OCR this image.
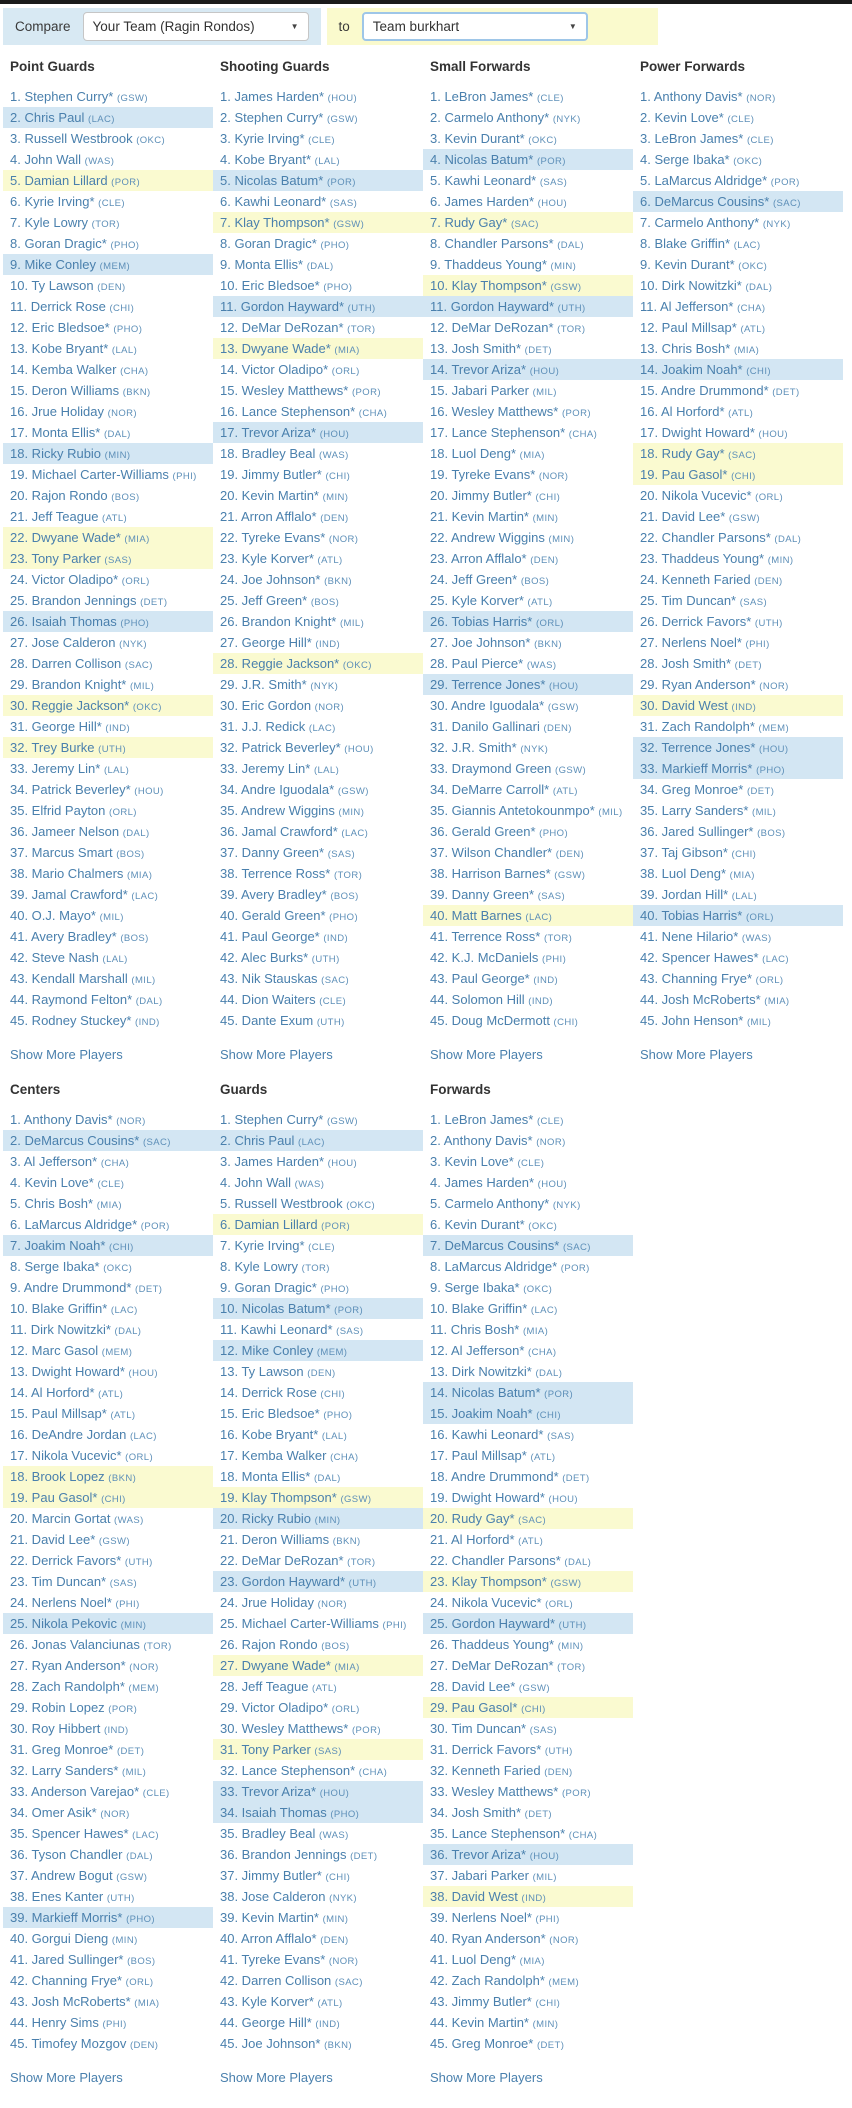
Compare Your Team (Ragin Rondos)	▼	to Team burkhart	▼
Point Guards
1. Stephen Curry* (GSW)
2. Chris Paul (LAC)
3. Russell Westbrook (OKC)
4. John Wall (WAS)
5. Damian Lillard (POR)
6. Kyrie Irving* (CLE)
7. Kyle Lowry (TOR)
8. Goran Dragic* (PHO)
9. Mike Conley (MEM)
10. Ty Lawson (DEN)
11. Derrick Rose (CHI)
12. Eric Bledsoe* (PHO)
13. Kobe Bryant* (LAL)
14. Kemba Walker (CHA)
15. Deron Williams (BKN)
16. Jrue Holiday (NOR)
17. Monta Ellis* (DAL)
18. Ricky Rubio (MIN)
19. Michael Carter-Williams (PHI)
20. Rajon Rondo (BOS)
21. Jeff Teague (ATL)
22. Dwyane Wade* (MIA)
23. Tony Parker (SAS)
24. Victor Oladipo* (ORL)
25. Brandon Jennings (DET)
26. Isaiah Thomas (PHO)
27. Jose Calderon (NYK)
28. Darren Collison (SAC)
29. Brandon Knight* (MIL)
30. Reggie Jackson* (OKC)
31. George Hill* (IND)
32. Trey Burke (UTH)
33. Jeremy Lin* (LAL)
34. Patrick Beverley* (HOU)
35. Elfrid Payton (ORL)
36. Jameer Nelson (DAL)
37. Marcus Smart (BOS)
38. Mario Chalmers (MIA)
39. Jamal Crawford* (LAC)
40. O.J. Mayo* (MIL)
41. Avery Bradley* (BOS)
42. Steve Nash (LAL)
43. Kendall Marshall (MIL)
44. Raymond Felton* (DAL)
45. Rodney Stuckey* (IND)
Show More Players
Shooting Guards
1. James Harden* (HOU)
2. Stephen Curry* (GSW)
3. Kyrie Irving* (CLE)
4. Kobe Bryant* (LAL)
5. Nicolas Batum* (POR)
6. Kawhi Leonard* (SAS)
7. Klay Thompson* (GSW)
8. Goran Dragic* (PHO)
9. Monta Ellis* (DAL)
10. Eric Bledsoe* (PHO)
11. Gordon Hayward* (UTH)
12. DeMar DeRozan* (TOR)
13. Dwyane Wade* (MIA)
14. Victor Oladipo* (ORL)
15. Wesley Matthews* (POR)
16. Lance Stephenson* (CHA)
17. Trevor Ariza* (HOU)
18. Bradley Beal (WAS)
19. Jimmy Butler* (CHI)
20. Kevin Martin* (MIN)
21. Arron Afflalo* (DEN)
22. Tyreke Evans* (NOR)
23. Kyle Korver* (ATL)
24. Joe Johnson* (BKN)
25. Jeff Green* (BOS)
26. Brandon Knight* (MIL)
27. George Hill* (IND)
28. Reggie Jackson* (OKC)
29. J.R. Smith* (NYK)
30. Eric Gordon (NOR)
31. J.J. Redick (LAC)
32. Patrick Beverley* (HOU)
33. Jeremy Lin* (LAL)
34. Andre Iguodala* (GSW)
35. Andrew Wiggins (MIN)
36. Jamal Crawford* (LAC)
37. Danny Green* (SAS)
38. Terrence Ross* (TOR)
39. Avery Bradley* (BOS)
40. Gerald Green* (PHO)
41. Paul George* (IND)
42. Alec Burks* (UTH)
43. Nik Stauskas (SAC)
44. Dion Waiters (CLE)
45. Dante Exum (UTH)
Show More Players
Small Forwards
1. LeBron James* (CLE)
2. Carmelo Anthony* (NYK)
3. Kevin Durant* (OKC)
4. Nicolas Batum* (POR)
5. Kawhi Leonard* (SAS)
6. James Harden* (HOU)
7. Rudy Gay* (SAC)
8. Chandler Parsons* (DAL)
9. Thaddeus Young* (MIN)
10. Klay Thompson* (GSW)
11. Gordon Hayward* (UTH)
12. DeMar DeRozan* (TOR)
13. Josh Smith* (DET)
14. Trevor Ariza* (HOU)
15. Jabari Parker (MIL)
16. Wesley Matthews* (POR)
17. Lance Stephenson* (CHA)
18. Luol Deng* (MIA)
19. Tyreke Evans* (NOR)
20. Jimmy Butler* (CHI)
21. Kevin Martin* (MIN)
22. Andrew Wiggins (MIN)
23. Arron Afflalo* (DEN)
24. Jeff Green* (BOS)
25. Kyle Korver* (ATL)
26. Tobias Harris* (ORL)
27. Joe Johnson* (BKN)
28. Paul Pierce* (WAS)
29. Terrence Jones* (HOU)
30. Andre Iguodala* (GSW)
31. Danilo Gallinari (DEN)
32. J.R. Smith* (NYK)
33. Draymond Green (GSW)
34. DeMarre Carroll* (ATL)
35. Giannis Antetokounmpo* (MIL)
36. Gerald Green* (PHO)
37. Wilson Chandler* (DEN)
38. Harrison Barnes* (GSW)
39. Danny Green* (SAS)
40. Matt Barnes (LAC)
41. Terrence Ross* (TOR)
42. K.J. McDaniels (PHI)
43. Paul George* (IND)
44. Solomon Hill (IND)
45. Doug McDermott (CHI)
Show More Players
Power Forwards
1. Anthony Davis* (NOR)
2. Kevin Love* (CLE)
3. LeBron James* (CLE)
4. Serge Ibaka* (OKC)
5. LaMarcus Aldridge* (POR)
6. DeMarcus Cousins* (SAC)
7. Carmelo Anthony* (NYK)
8. Blake Griffin* (LAC)
9. Kevin Durant* (OKC)
10. Dirk Nowitzki* (DAL)
11. Al Jefferson* (CHA)
12. Paul Millsap* (ATL)
13. Chris Bosh* (MIA)
14. Joakim Noah* (CHI)
15. Andre Drummond* (DET)
16. Al Horford* (ATL)
17. Dwight Howard* (HOU)
18. Rudy Gay* (SAC)
19. Pau Gasol* (CHI)
20. Nikola Vucevic* (ORL)
21. David Lee* (GSW)
22. Chandler Parsons* (DAL)
23. Thaddeus Young* (MIN)
24. Kenneth Faried (DEN)
25. Tim Duncan* (SAS)
26. Derrick Favors* (UTH)
27. Nerlens Noel* (PHI)
28. Josh Smith* (DET)
29. Ryan Anderson* (NOR)
30. David West (IND)
31. Zach Randolph* (MEM)
32. Terrence Jones* (HOU)
33. Markieff Morris* (PHO)
34. Greg Monroe* (DET)
35. Larry Sanders* (MIL)
36. Jared Sullinger* (BOS)
37. Taj Gibson* (CHI)
38. Luol Deng* (MIA)
39. Jordan Hill* (LAL)
40. Tobias Harris* (ORL)
41. Nene Hilario* (WAS)
42. Spencer Hawes* (LAC)
43. Channing Frye* (ORL)
44. Josh McRoberts* (MIA)
45. John Henson* (MIL)
Show More Players
Centers
1. Anthony Davis* (NOR)
2. DeMarcus Cousins* (SAC)
3. Al Jefferson* (CHA)
4. Kevin Love* (CLE)
5. Chris Bosh* (MIA)
6. LaMarcus Aldridge* (POR)
7. Joakim Noah* (CHI)
8. Serge Ibaka* (OKC)
9. Andre Drummond* (DET)
10. Blake Griffin* (LAC)
11. Dirk Nowitzki* (DAL)
12. Marc Gasol (MEM)
13. Dwight Howard* (HOU)
14. Al Horford* (ATL)
15. Paul Millsap* (ATL)
16. DeAndre Jordan (LAC)
17. Nikola Vucevic* (ORL)
18. Brook Lopez (BKN)
19. Pau Gasol* (CHI)
20. Marcin Gortat (WAS)
21. David Lee* (GSW)
22. Derrick Favors* (UTH)
23. Tim Duncan* (SAS)
24. Nerlens Noel* (PHI)
25. Nikola Pekovic (MIN)
26. Jonas Valanciunas (TOR)
27. Ryan Anderson* (NOR)
28. Zach Randolph* (MEM)
29. Robin Lopez (POR)
30. Roy Hibbert (IND)
31. Greg Monroe* (DET)
32. Larry Sanders* (MIL)
33. Anderson Varejao* (CLE)
34. Omer Asik* (NOR)
35. Spencer Hawes* (LAC)
36. Tyson Chandler (DAL)
37. Andrew Bogut (GSW)
38. Enes Kanter (UTH)
39. Markieff Morris* (PHO)
40. Gorgui Dieng (MIN)
41. Jared Sullinger* (BOS)
42. Channing Frye* (ORL)
43. Josh McRoberts* (MIA)
44. Henry Sims (PHI)
45. Timofey Mozgov (DEN)
Show More Players
Guards
1. Stephen Curry* (GSW)
2. Chris Paul (LAC)
3. James Harden* (HOU)
4. John Wall (WAS)
5. Russell Westbrook (OKC)
6. Damian Lillard (POR)
7. Kyrie Irving* (CLE)
8. Kyle Lowry (TOR)
9. Goran Dragic* (PHO)
10. Nicolas Batum* (POR)
11. Kawhi Leonard* (SAS)
12. Mike Conley (MEM)
13. Ty Lawson (DEN)
14. Derrick Rose (CHI)
15. Eric Bledsoe* (PHO)
16. Kobe Bryant* (LAL)
17. Kemba Walker (CHA)
18. Monta Ellis* (DAL)
19. Klay Thompson* (GSW)
20. Ricky Rubio (MIN)
21. Deron Williams (BKN)
22. DeMar DeRozan* (TOR)
23. Gordon Hayward* (UTH)
24. Jrue Holiday (NOR)
25. Michael Carter-Williams (PHI)
26. Rajon Rondo (BOS)
27. Dwyane Wade* (MIA)
28. Jeff Teague (ATL)
29. Victor Oladipo* (ORL)
30. Wesley Matthews* (POR)
31. Tony Parker (SAS)
32. Lance Stephenson* (CHA)
33. Trevor Ariza* (HOU)
34. Isaiah Thomas (PHO)
35. Bradley Beal (WAS)
36. Brandon Jennings (DET)
37. Jimmy Butler* (CHI)
38. Jose Calderon (NYK)
39. Kevin Martin* (MIN)
40. Arron Afflalo* (DEN)
41. Tyreke Evans* (NOR)
42. Darren Collison (SAC)
43. Kyle Korver* (ATL)
44. George Hill* (IND)
45. Joe Johnson* (BKN)
Show More Players
Forwards
1. LeBron James* (CLE)
2. Anthony Davis* (NOR)
3. Kevin Love* (CLE)
4. James Harden* (HOU)
5. Carmelo Anthony* (NYK)
6. Kevin Durant* (OKC)
7. DeMarcus Cousins* (SAC)
8. LaMarcus Aldridge* (POR)
9. Serge Ibaka* (OKC)
10. Blake Griffin* (LAC)
11. Chris Bosh* (MIA)
12. Al Jefferson* (CHA)
13. Dirk Nowitzki* (DAL)
14. Nicolas Batum* (POR)
15. Joakim Noah* (CHI)
16. Kawhi Leonard* (SAS)
17. Paul Millsap* (ATL)
18. Andre Drummond* (DET)
19. Dwight Howard* (HOU)
20. Rudy Gay* (SAC)
21. Al Horford* (ATL)
22. Chandler Parsons* (DAL)
23. Klay Thompson* (GSW)
24. Nikola Vucevic* (ORL)
25. Gordon Hayward* (UTH)
26. Thaddeus Young* (MIN)
27. DeMar DeRozan* (TOR)
28. David Lee* (GSW)
29. Pau Gasol* (CHI)
30. Tim Duncan* (SAS)
31. Derrick Favors* (UTH)
32. Kenneth Faried (DEN)
33. Wesley Matthews* (POR)
34. Josh Smith* (DET)
35. Lance Stephenson* (CHA)
36. Trevor Ariza* (HOU)
37. Jabari Parker (MIL)
38. David West (IND)
39. Nerlens Noel* (PHI)
40. Ryan Anderson* (NOR)
41. Luol Deng* (MIA)
42. Zach Randolph* (MEM)
43. Jimmy Butler* (CHI)
44. Kevin Martin* (MIN)
45. Greg Monroe* (DET)
Show More Players
